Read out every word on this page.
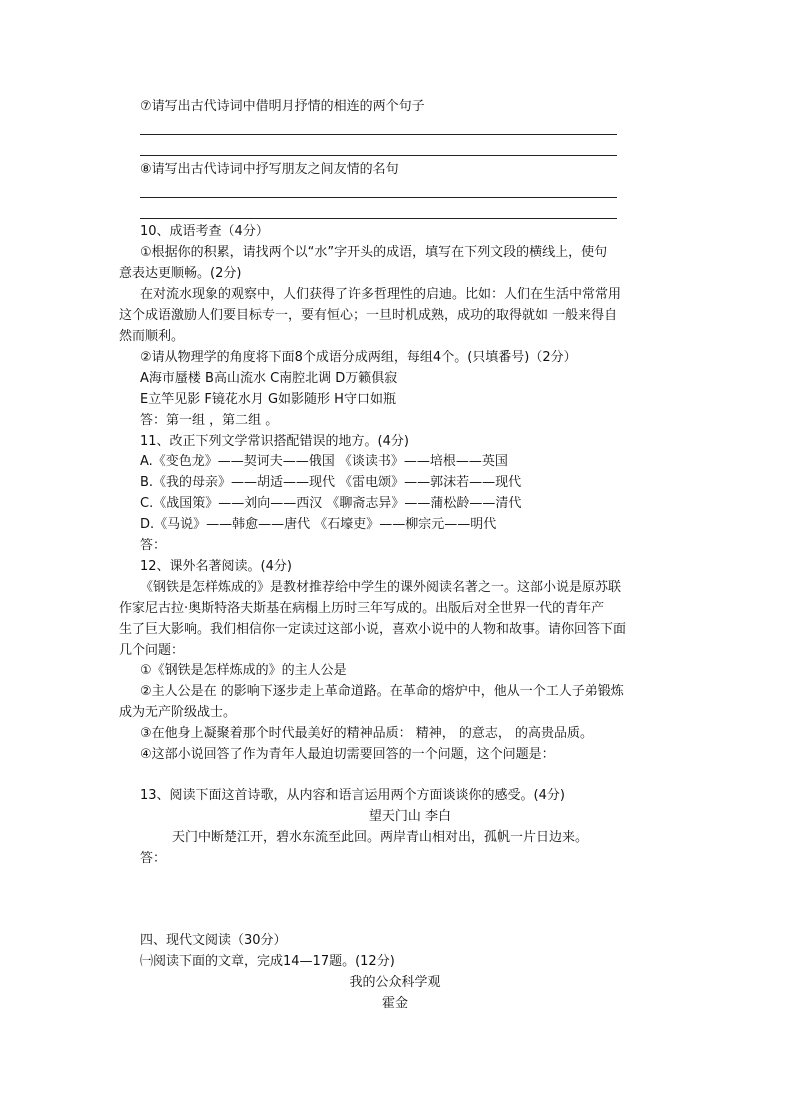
⑦请写出古代诗词中借明月抒情的相连的两个句子
⑧请写出古代诗词中抒写朋友之间友情的名句
10、成语考查（4分）
①根据你的积累，请找两个以“水”字开头的成语，填写在下列文段的横线上，使句
意表达更顺畅。(2分)
在对流水现象的观察中，人们获得了许多哲理性的启迪。比如：人们在生活中常常用
这个成语激励人们要目标专一，要有恒心；一旦时机成熟，成功的取得就如 一般来得自
然而顺利。
②请从物理学的角度将下面8个成语分成两组，每组4个。(只填番号)（2分）
A海市蜃楼 B高山流水 C南腔北调 D万籁俱寂
E立竿见影 F镜花水月 G如影随形 H守口如瓶
答：第一组 ，第二组 。
11、改正下列文学常识搭配错误的地方。(4分)
A.《变色龙》——契诃夫——俄国 《谈读书》——培根——英国
B.《我的母亲》——胡适——现代 《雷电颂》——郭沫若——现代
C.《战国策》——刘向——西汉 《聊斋志异》——蒲松龄——清代
D.《马说》——韩愈——唐代 《石壕吏》——柳宗元——明代
答：
12、课外名著阅读。(4分)
《钢铁是怎样炼成的》是教材推荐给中学生的课外阅读名著之一。这部小说是原苏联
作家尼古拉·奥斯特洛夫斯基在病榻上历时三年写成的。出版后对全世界一代的青年产
生了巨大影响。我们相信你一定读过这部小说，喜欢小说中的人物和故事。请你回答下面
几个问题：
①《钢铁是怎样炼成的》的主人公是
②主人公是在 的影响下逐步走上革命道路。在革命的熔炉中，他从一个工人子弟锻炼
成为无产阶级战士。
③在他身上凝聚着那个时代最美好的精神品质： 精神， 的意志， 的高贵品质。
④这部小说回答了作为青年人最迫切需要回答的一个问题，这个问题是：
13、阅读下面这首诗歌，从内容和语言运用两个方面谈谈你的感受。(4分)
望天门山 李白
天门中断楚江开，碧水东流至此回。两岸青山相对出，孤帆一片日边来。
答：
四、现代文阅读（30分）
㈠阅读下面的文章，完成14—17题。(12分)
我的公众科学观
霍金
